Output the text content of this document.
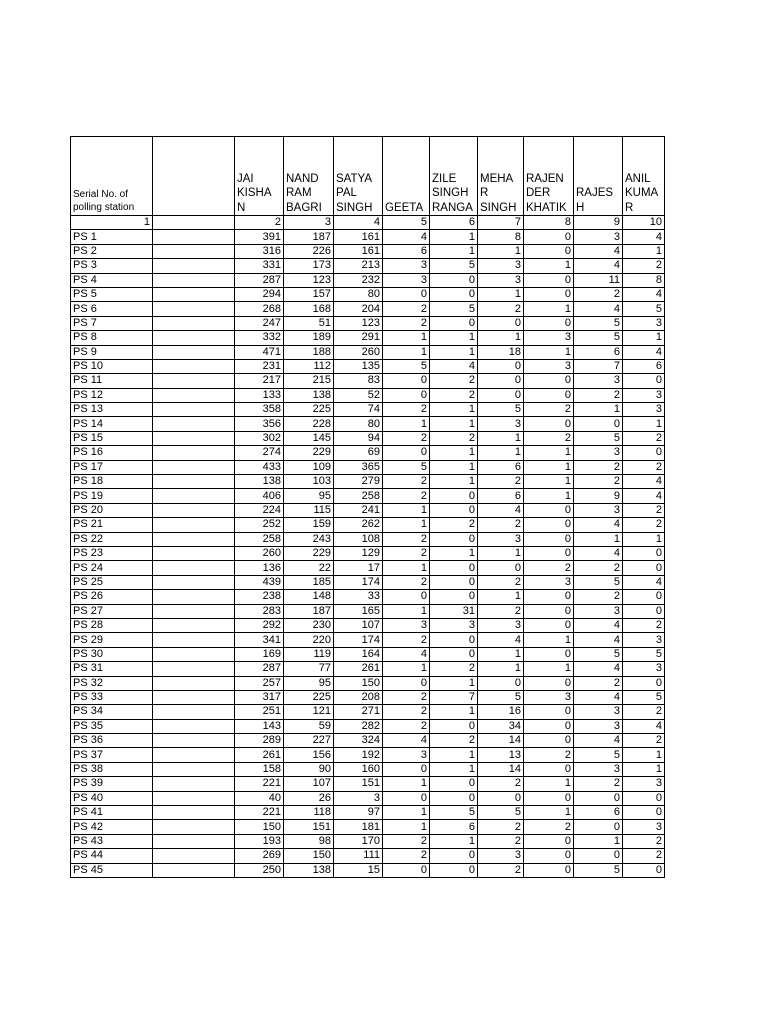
Serial No. of
polling station		JAI
KISHA
N	NAND
RAM
BAGRI	SATYA
PAL
SINGH	GEETA	ZILE
SINGH
RANGA	MEHA
R
SINGH	RAJEN
DER
KHATIK	RAJES
H	ANIL
KUMA
R
1		2	3	4	5	6	7	8	9	10
PS 1		391	187	161	4	1	8	0	3	4
PS 2		316	226	161	6	1	1	0	4	1
PS 3		331	173	213	3	5	3	1	4	2
PS 4		287	123	232	3	0	3	0	11	8
PS 5		294	157	80	0	0	1	0	2	4
PS 6		268	168	204	2	5	2	1	4	5
PS 7		247	51	123	2	0	0	0	5	3
PS 8		332	189	291	1	1	1	3	5	1
PS 9		471	188	260	1	1	18	1	6	4
PS 10		231	112	135	5	4	0	3	7	6
PS 11		217	215	83	0	2	0	0	3	0
PS 12		133	138	52	0	2	0	0	2	3
PS 13		358	225	74	2	1	5	2	1	3
PS 14		356	228	80	1	1	3	0	0	1
PS 15		302	145	94	2	2	1	2	5	2
PS 16		274	229	69	0	1	1	1	3	0
PS 17		433	109	365	5	1	6	1	2	2
PS 18		138	103	279	2	1	2	1	2	4
PS 19		406	95	258	2	0	6	1	9	4
PS 20		224	115	241	1	0	4	0	3	2
PS 21		252	159	262	1	2	2	0	4	2
PS 22		258	243	108	2	0	3	0	1	1
PS 23		260	229	129	2	1	1	0	4	0
PS 24		136	22	17	1	0	0	2	2	0
PS 25		439	185	174	2	0	2	3	5	4
PS 26		238	148	33	0	0	1	0	2	0
PS 27		283	187	165	1	31	2	0	3	0
PS 28		292	230	107	3	3	3	0	4	2
PS 29		341	220	174	2	0	4	1	4	3
PS 30		169	119	164	4	0	1	0	5	5
PS 31		287	77	261	1	2	1	1	4	3
PS 32		257	95	150	0	1	0	0	2	0
PS 33		317	225	208	2	7	5	3	4	5
PS 34		251	121	271	2	1	16	0	3	2
PS 35		143	59	282	2	0	34	0	3	4
PS 36		289	227	324	4	2	14	0	4	2
PS 37		261	156	192	3	1	13	2	5	1
PS 38		158	90	160	0	1	14	0	3	1
PS 39		221	107	151	1	0	2	1	2	3
PS 40		40	26	3	0	0	0	0	0	0
PS 41		221	118	97	1	5	5	1	6	0
PS 42		150	151	181	1	6	2	2	0	3
PS 43		193	98	170	2	1	2	0	1	2
PS 44		269	150	111	2	0	3	0	0	2
PS 45		250	138	15	0	0	2	0	5	0
